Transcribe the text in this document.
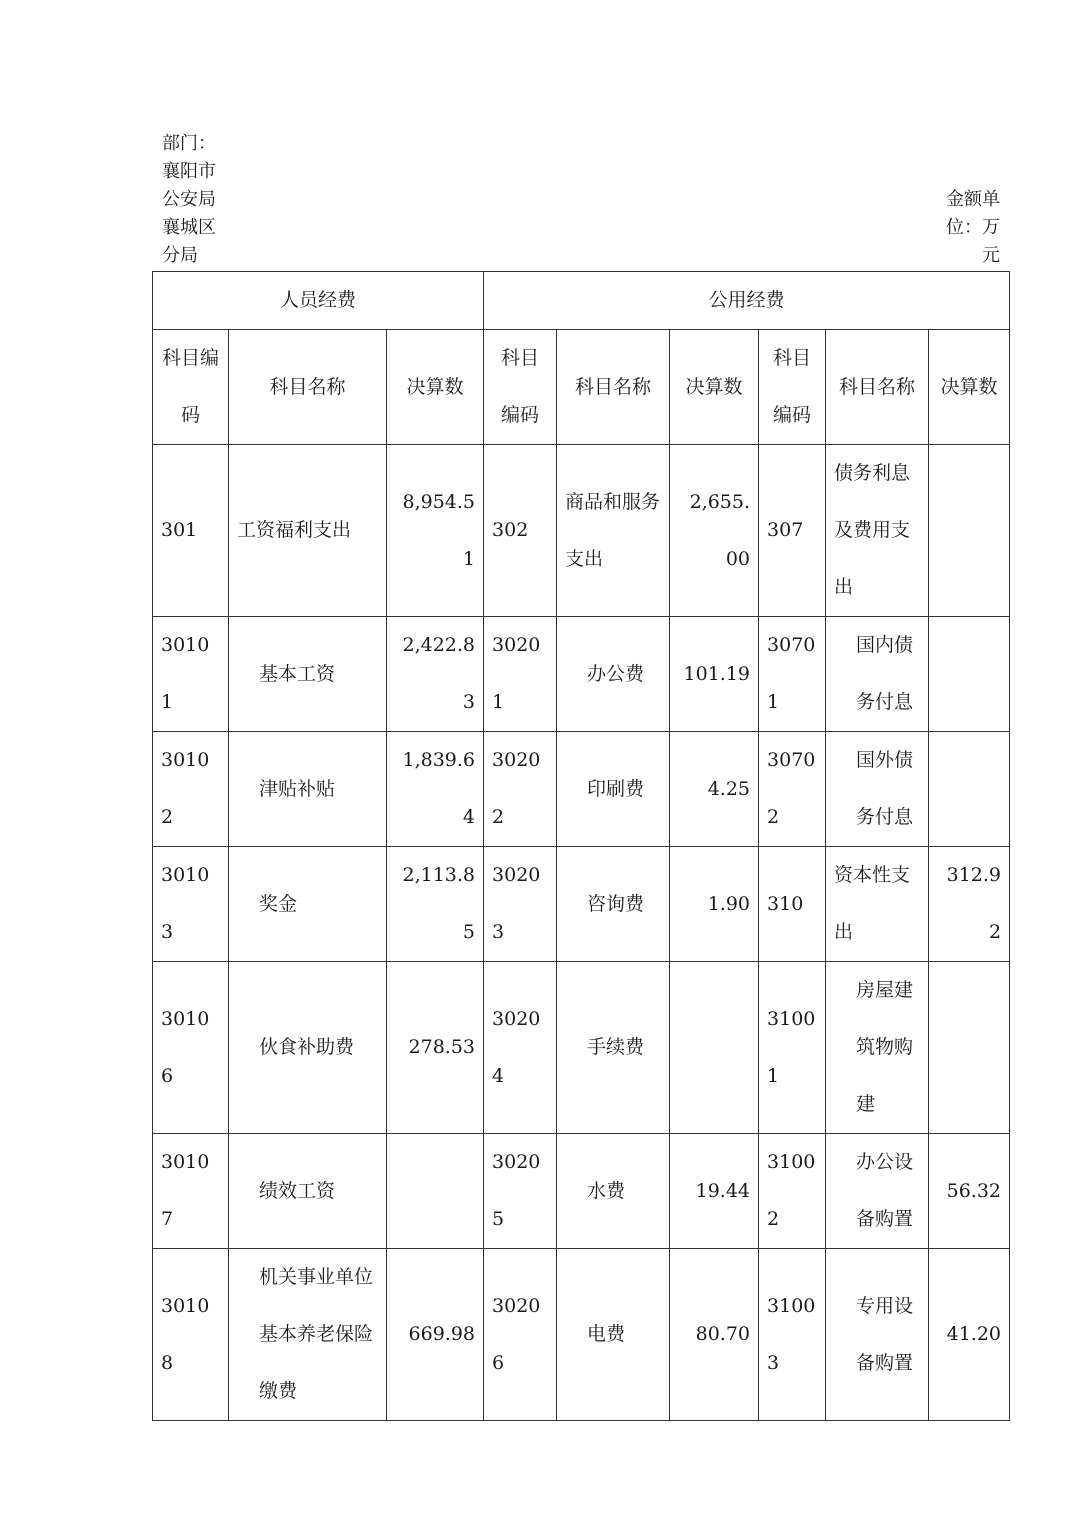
部门：襄阳市公安局襄城区分局
金额单位：万元
人员经费			公用经费					
科目编码	科目名称	决算数	科目编码	科目名称	决算数	科目编码	科目名称	决算数
301	工资福利支出	8,954.51	302	商品和服务支出	2,655.00	307	债务利息及费用支出	
30101	基本工资	2,422.83	30201	办公费	101.19	30701	国内债务付息	
30102	津贴补贴	1,839.64	30202	印刷费	4.25	30702	国外债务付息	
30103	奖金	2,113.85	30203	咨询费	1.90	310	资本性支出	312.92
30106	伙食补助费	278.53	30204	手续费		31001	房屋建筑物购建	
30107	绩效工资		30205	水费	19.44	31002	办公设备购置	56.32
30108	机关事业单位基本养老保险缴费	669.98	30206	电费	80.70	31003	专用设备购置	41.20
